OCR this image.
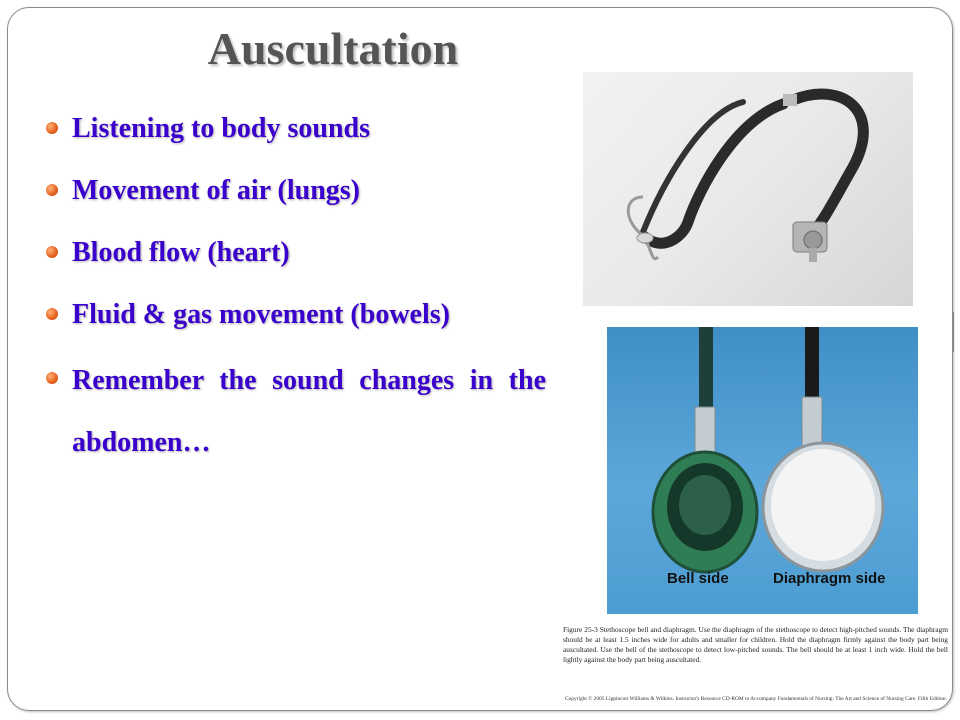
Auscultation
Listening to body sounds
Movement of air (lungs)
Blood flow (heart)
Fluid & gas movement (bowels)
Remember the sound changes in the abdomen…
Bell side	Diaphragm side
Figure 25-3 Stethoscope bell and diaphragm. Use the diaphragm of the stethoscope to detect high-pitched sounds. The diaphragm should be at least 1.5 inches wide for adults and smaller for children. Hold the diaphragm firmly against the body part being auscultated. Use the bell of the stethoscope to detect low-pitched sounds. The bell should be at least 1 inch wide. Hold the bell lightly against the body part being auscultated.
Copyright © 2005 Lippincott Williams & Wilkins. Instructor's Resource CD-ROM to Accompany Fundamentals of Nursing: The Art and Science of Nursing Care. Fifth Edition.
